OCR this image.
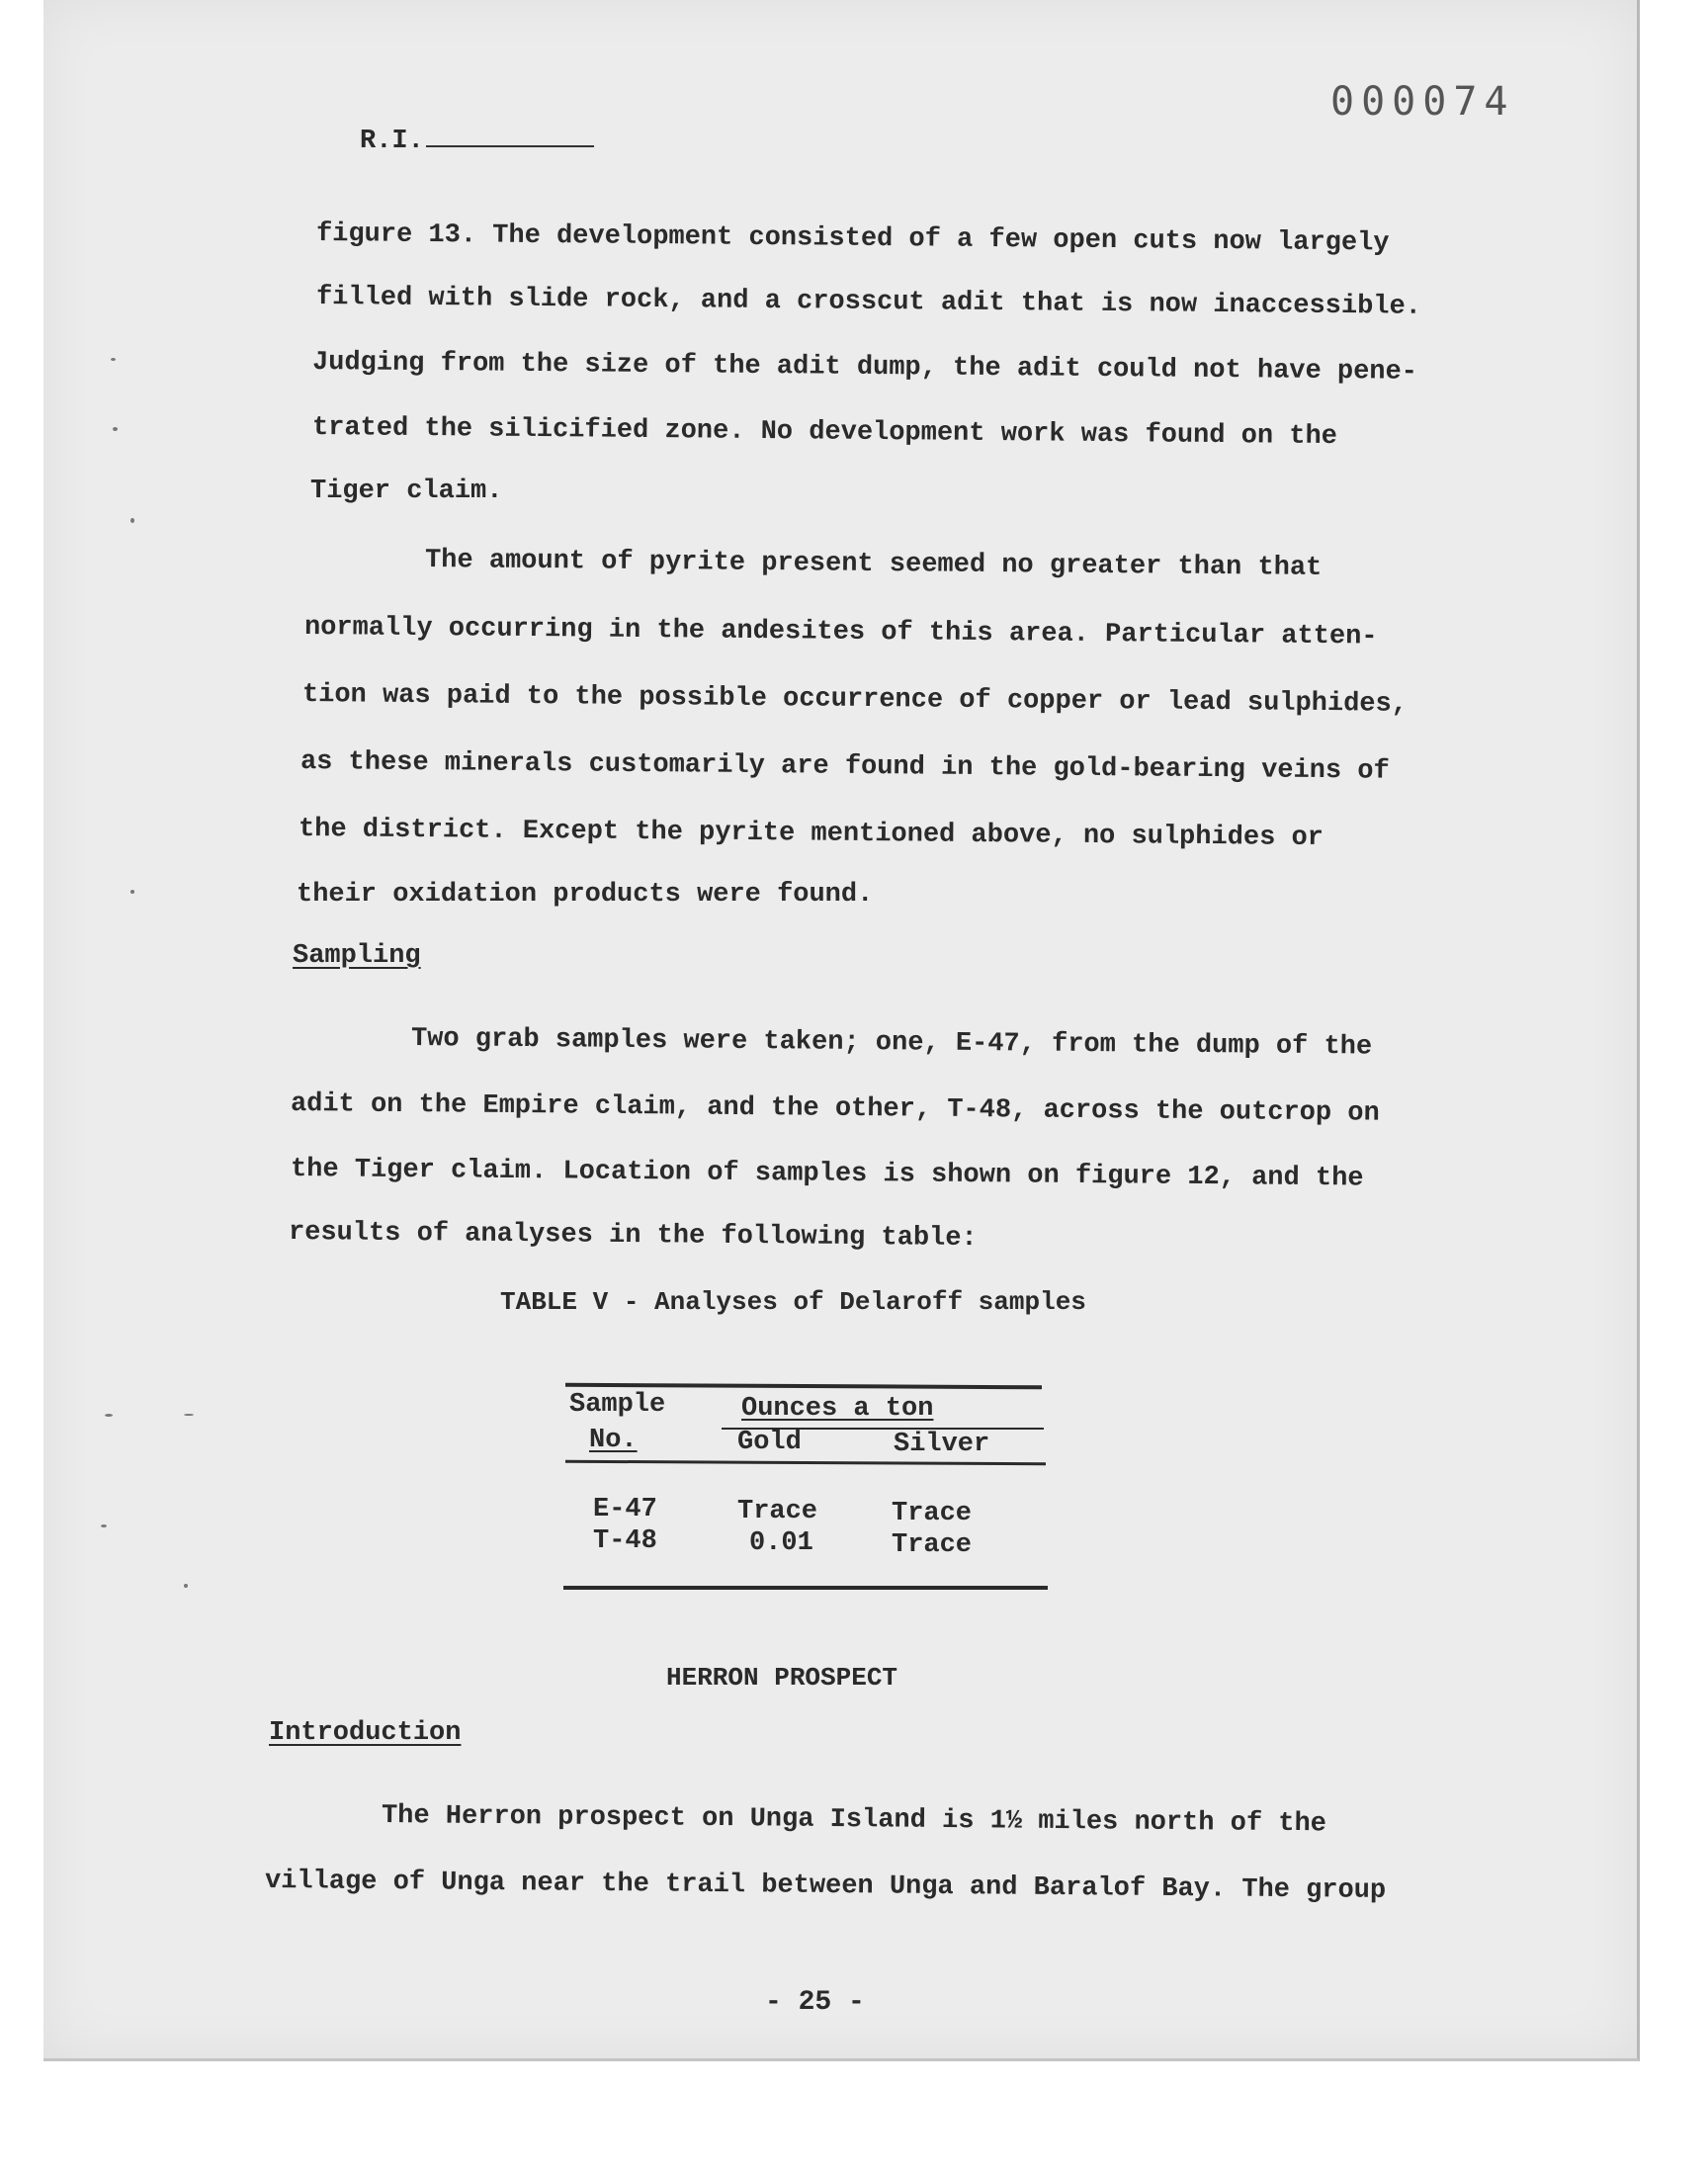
000074
R.I.
figure 13. The development consisted of a few open cuts now largely
filled with slide rock, and a crosscut adit that is now inaccessible.
Judging from the size of the adit dump, the adit could not have pene-
trated the silicified zone. No development work was found on the
Tiger claim.
The amount of pyrite present seemed no greater than that
normally occurring in the andesites of this area. Particular atten-
tion was paid to the possible occurrence of copper or lead sulphides,
as these minerals customarily are found in the gold-bearing veins of
the district. Except the pyrite mentioned above, no sulphides or
their oxidation products were found.
Sampling
Two grab samples were taken; one, E-47, from the dump of the
adit on the Empire claim, and the other, T-48, across the outcrop on
the Tiger claim. Location of samples is shown on figure 12, and the
results of analyses in the following table:
TABLE V - Analyses of Delaroff samples
Sample
No.
Ounces a ton
Gold	Silver
E-47	Trace	Trace
T-48	0.01	Trace
HERRON PROSPECT
Introduction
The Herron prospect on Unga Island is 1½ miles north of the
village of Unga near the trail between Unga and Baralof Bay. The group
- 25 -
